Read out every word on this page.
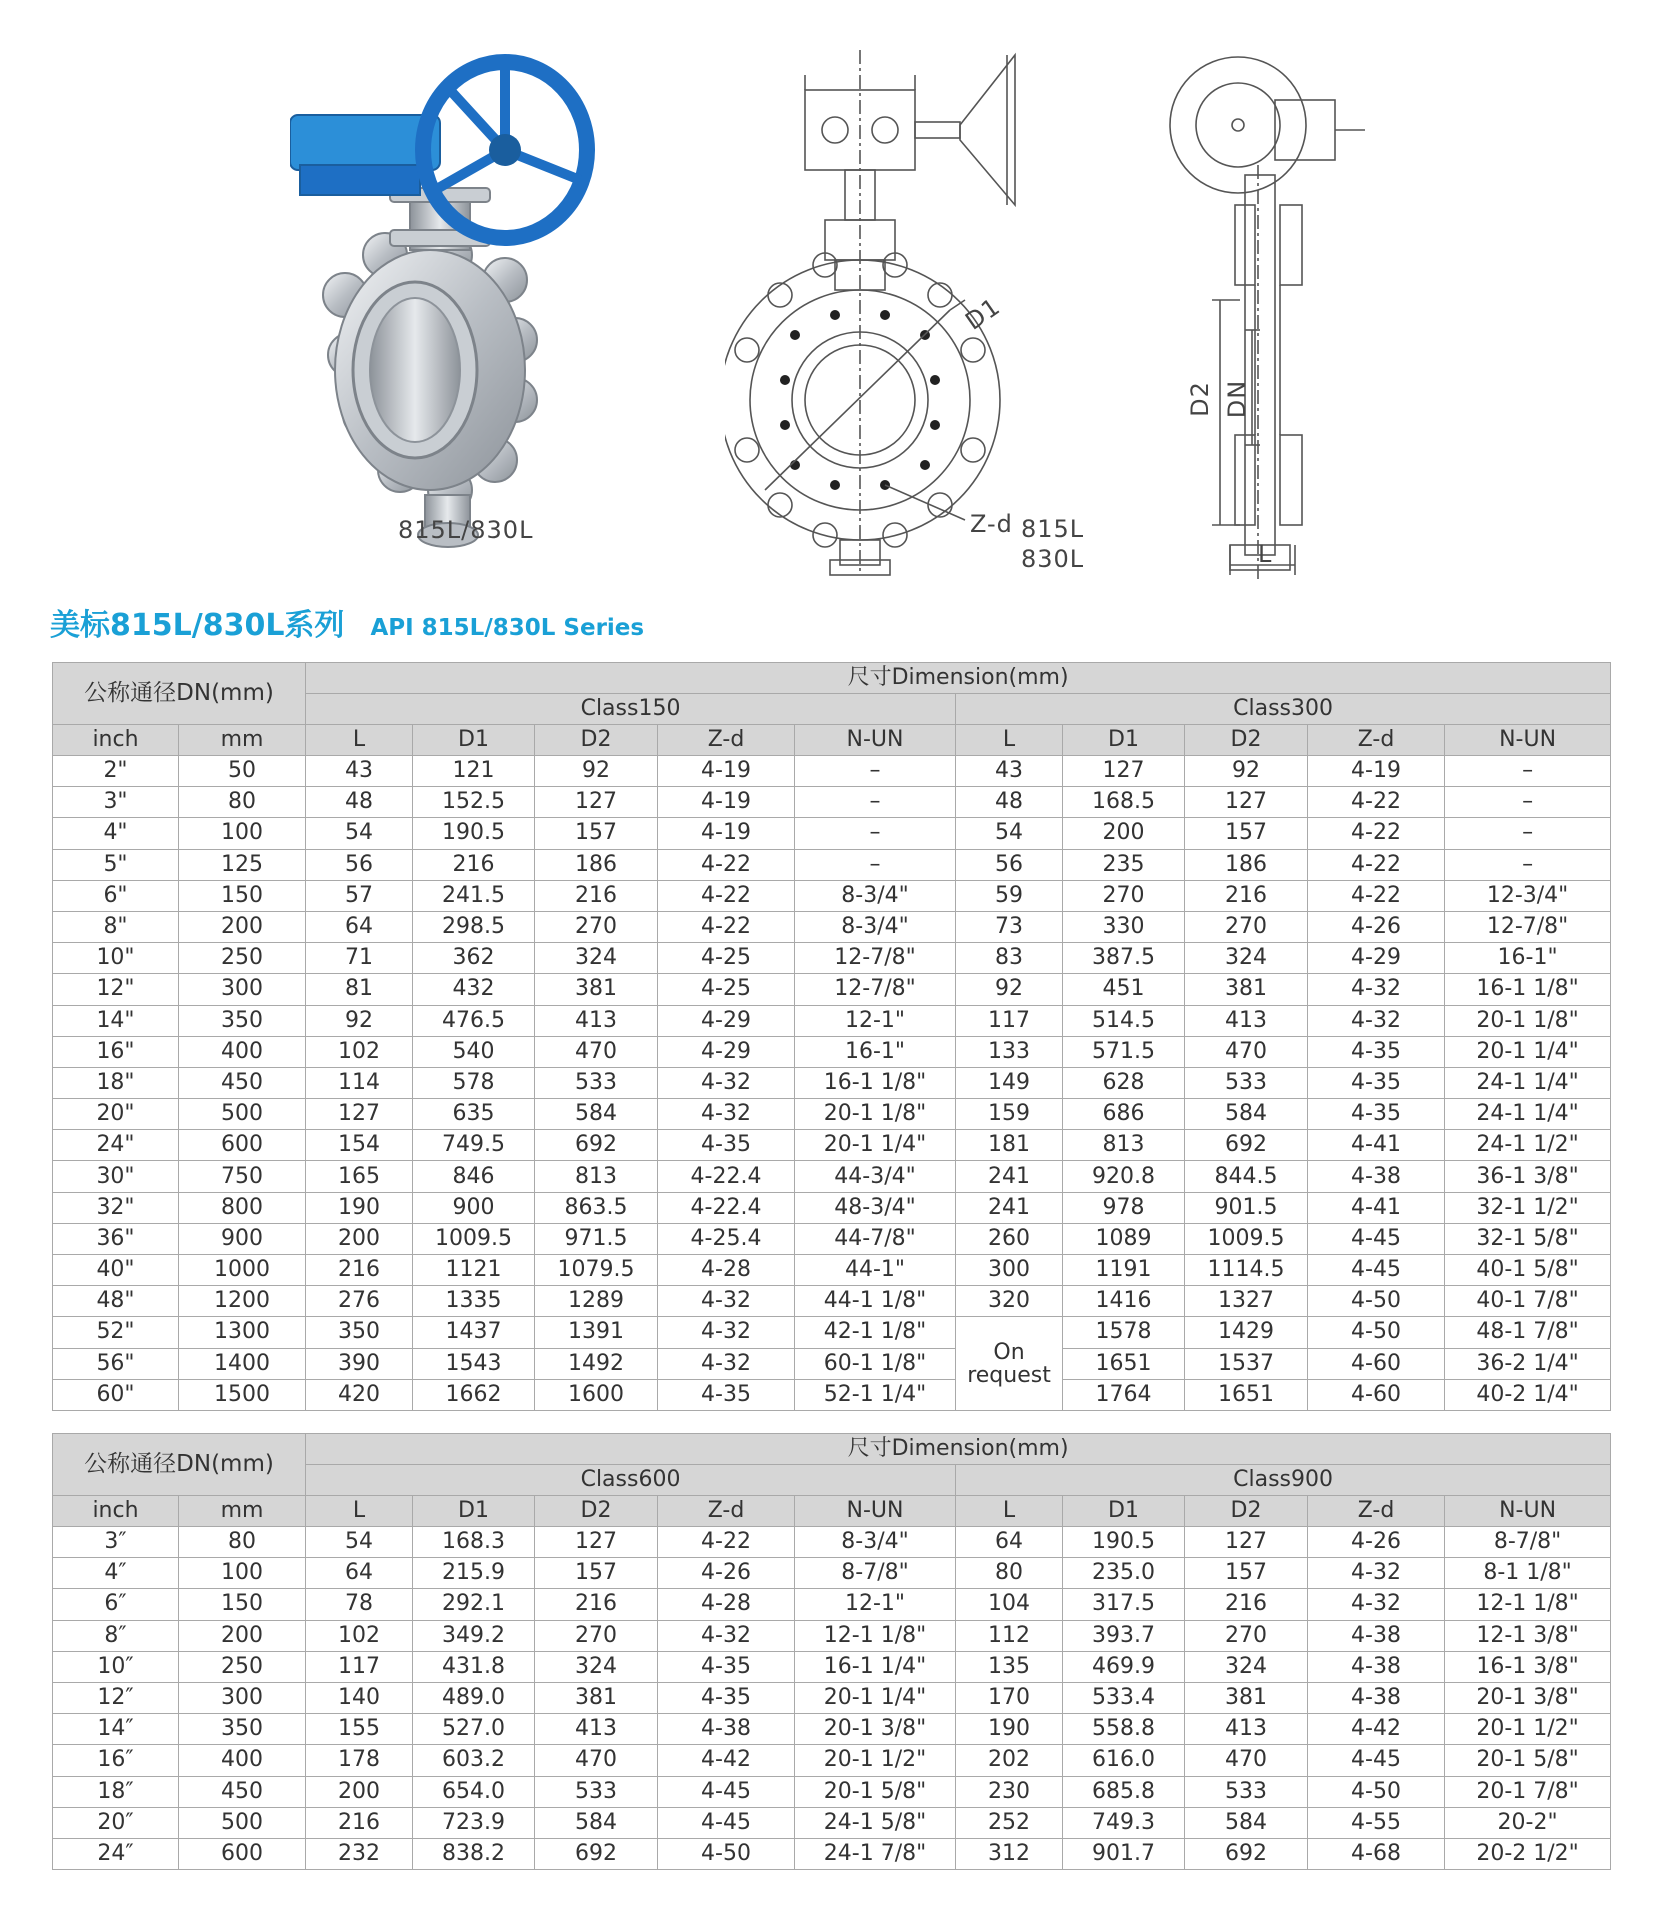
815L/830L
D1
Z-d 815L
830L
D2 DN
L
美标815L/830L系列 API 815L/830L Series
公称通径DN(mm)		尺寸Dimension(mm)									
		Class150					Class300				
inch	mm	L	D1	D2	Z-d	N-UN	L	D1	D2	Z-d	N-UN
2"	50	43	121	92	4-19	–	43	127	92	4-19	–
3"	80	48	152.5	127	4-19	–	48	168.5	127	4-22	–
4"	100	54	190.5	157	4-19	–	54	200	157	4-22	–
5"	125	56	216	186	4-22	–	56	235	186	4-22	–
6"	150	57	241.5	216	4-22	8-3/4"	59	270	216	4-22	12-3/4"
8"	200	64	298.5	270	4-22	8-3/4"	73	330	270	4-26	12-7/8"
10"	250	71	362	324	4-25	12-7/8"	83	387.5	324	4-29	16-1"
12"	300	81	432	381	4-25	12-7/8"	92	451	381	4-32	16-1 1/8"
14"	350	92	476.5	413	4-29	12-1"	117	514.5	413	4-32	20-1 1/8"
16"	400	102	540	470	4-29	16-1"	133	571.5	470	4-35	20-1 1/4"
18"	450	114	578	533	4-32	16-1 1/8"	149	628	533	4-35	24-1 1/4"
20"	500	127	635	584	4-32	20-1 1/8"	159	686	584	4-35	24-1 1/4"
24"	600	154	749.5	692	4-35	20-1 1/4"	181	813	692	4-41	24-1 1/2"
30"	750	165	846	813	4-22.4	44-3/4"	241	920.8	844.5	4-38	36-1 3/8"
32"	800	190	900	863.5	4-22.4	48-3/4"	241	978	901.5	4-41	32-1 1/2"
36"	900	200	1009.5	971.5	4-25.4	44-7/8"	260	1089	1009.5	4-45	32-1 5/8"
40"	1000	216	1121	1079.5	4-28	44-1"	300	1191	1114.5	4-45	40-1 5/8"
48"	1200	276	1335	1289	4-32	44-1 1/8"	320	1416	1327	4-50	40-1 7/8"
52"	1300	350	1437	1391	4-32	42-1 1/8"	On request	1578	1429	4-50	48-1 7/8"
56"	1400	390	1543	1492	4-32	60-1 1/8"		1651	1537	4-60	36-2 1/4"
60"	1500	420	1662	1600	4-35	52-1 1/4"		1764	1651	4-60	40-2 1/4"
公称通径DN(mm)		尺寸Dimension(mm)									
		Class600					Class900				
inch	mm	L	D1	D2	Z-d	N-UN	L	D1	D2	Z-d	N-UN
3″	80	54	168.3	127	4-22	8-3/4"	64	190.5	127	4-26	8-7/8"
4″	100	64	215.9	157	4-26	8-7/8"	80	235.0	157	4-32	8-1 1/8"
6″	150	78	292.1	216	4-28	12-1"	104	317.5	216	4-32	12-1 1/8"
8″	200	102	349.2	270	4-32	12-1 1/8"	112	393.7	270	4-38	12-1 3/8"
10″	250	117	431.8	324	4-35	16-1 1/4"	135	469.9	324	4-38	16-1 3/8"
12″	300	140	489.0	381	4-35	20-1 1/4"	170	533.4	381	4-38	20-1 3/8"
14″	350	155	527.0	413	4-38	20-1 3/8"	190	558.8	413	4-42	20-1 1/2"
16″	400	178	603.2	470	4-42	20-1 1/2"	202	616.0	470	4-45	20-1 5/8"
18″	450	200	654.0	533	4-45	20-1 5/8"	230	685.8	533	4-50	20-1 7/8"
20″	500	216	723.9	584	4-45	24-1 5/8"	252	749.3	584	4-55	20-2"
24″	600	232	838.2	692	4-50	24-1 7/8"	312	901.7	692	4-68	20-2 1/2"
